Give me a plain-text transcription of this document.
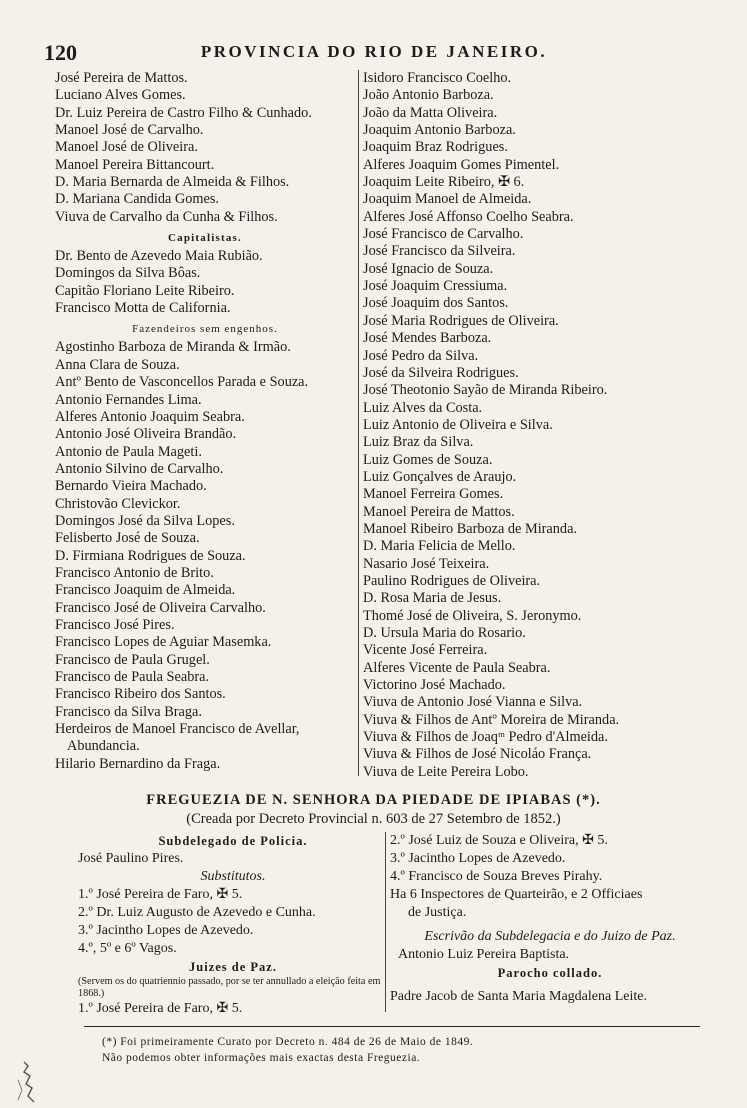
120	PROVINCIA DO RIO DE JANEIRO.
José Pereira de Mattos.
Luciano Alves Gomes.
Dr. Luiz Pereira de Castro Filho & Cunhado.
Manoel José de Carvalho.
Manoel José de Oliveira.
Manoel Pereira Bittancourt.
D. Maria Bernarda de Almeida & Filhos.
D. Mariana Candida Gomes.
Viuva de Carvalho da Cunha & Filhos.
Capitalistas.
Dr. Bento de Azevedo Maia Rubião.
Domingos da Silva Bôas.
Capitão Floriano Leite Ribeiro.
Francisco Motta de California.
Fazendeiros sem engenhos.
Agostinho Barboza de Miranda & Irmão.
Anna Clara de Souza.
Antº Bento de Vasconcellos Parada e Souza.
Antonio Fernandes Lima.
Alferes Antonio Joaquim Seabra.
Antonio José Oliveira Brandão.
Antonio de Paula Mageti.
Antonio Silvino de Carvalho.
Bernardo Vieira Machado.
Christovão Clevickor.
Domingos José da Silva Lopes.
Felisberto José de Souza.
D. Firmiana Rodrigues de Souza.
Francisco Antonio de Brito.
Francisco Joaquim de Almeida.
Francisco José de Oliveira Carvalho.
Francisco José Pires.
Francisco Lopes de Aguiar Masemka.
Francisco de Paula Grugel.
Francisco de Paula Seabra.
Francisco Ribeiro dos Santos.
Francisco da Silva Braga.
Herdeiros de Manoel Francisco de Avellar,
Abundancia.
Hilario Bernardino da Fraga.
Isidoro Francisco Coelho.
João Antonio Barboza.
João da Matta Oliveira.
Joaquim Antonio Barboza.
Joaquim Braz Rodrigues.
Alferes Joaquim Gomes Pimentel.
Joaquim Leite Ribeiro, ✠ 6.
Joaquim Manoel de Almeida.
Alferes José Affonso Coelho Seabra.
José Francisco de Carvalho.
José Francisco da Silveira.
José Ignacio de Souza.
José Joaquim Cressiuma.
José Joaquim dos Santos.
José Maria Rodrigues de Oliveira.
José Mendes Barboza.
José Pedro da Silva.
José da Silveira Rodrigues.
José Theotonio Sayão de Miranda Ribeiro.
Luiz Alves da Costa.
Luiz Antonio de Oliveira e Silva.
Luiz Braz da Silva.
Luiz Gomes de Souza.
Luiz Gonçalves de Araujo.
Manoel Ferreira Gomes.
Manoel Pereira de Mattos.
Manoel Ribeiro Barboza de Miranda.
D. Maria Felicia de Mello.
Nasario José Teixeira.
Paulino Rodrigues de Oliveira.
D. Rosa Maria de Jesus.
Thomé José de Oliveira, S. Jeronymo.
D. Ursula Maria do Rosario.
Vicente José Ferreira.
Alferes Vicente de Paula Seabra.
Victorino José Machado.
Viuva de Antonio José Vianna e Silva.
Viuva & Filhos de Antº Moreira de Miranda.
Viuva & Filhos de Joaqᵐ Pedro d'Almeida.
Viuva & Filhos de José Nicoláo França.
Viuva de Leite Pereira Lobo.
FREGUEZIA DE N. SENHORA DA PIEDADE DE IPIABAS (*).
(Creada por Decreto Provincial n. 603 de 27 Setembro de 1852.)
Subdelegado de Policia.
José Paulino Pires.
Substitutos.
1.º José Pereira de Faro, ✠ 5.
2.º Dr. Luiz Augusto de Azevedo e Cunha.
3.º Jacintho Lopes de Azevedo.
4.º, 5º e 6º Vagos.
Juizes de Paz.
(Servem os do quatriennio passado, por se ter annullado a eleição feita em 1868.)
1.º José Pereira de Faro, ✠ 5.
2.º José Luiz de Souza e Oliveira, ✠ 5.
3.º Jacintho Lopes de Azevedo.
4.º Francisco de Souza Breves Pirahy.
Ha 6 Inspectores de Quarteirão, e 2 Officiaes
de Justiça.
Escrivão da Subdelegacia e do Juizo de Paz.
Antonio Luiz Pereira Baptista.
Parocho collado.
Padre Jacob de Santa Maria Magdalena Leite.
(*) Foi primeiramente Curato por Decreto n. 484 de 26 de Maio de 1849.
Não podemos obter informações mais exactas desta Freguezia.
